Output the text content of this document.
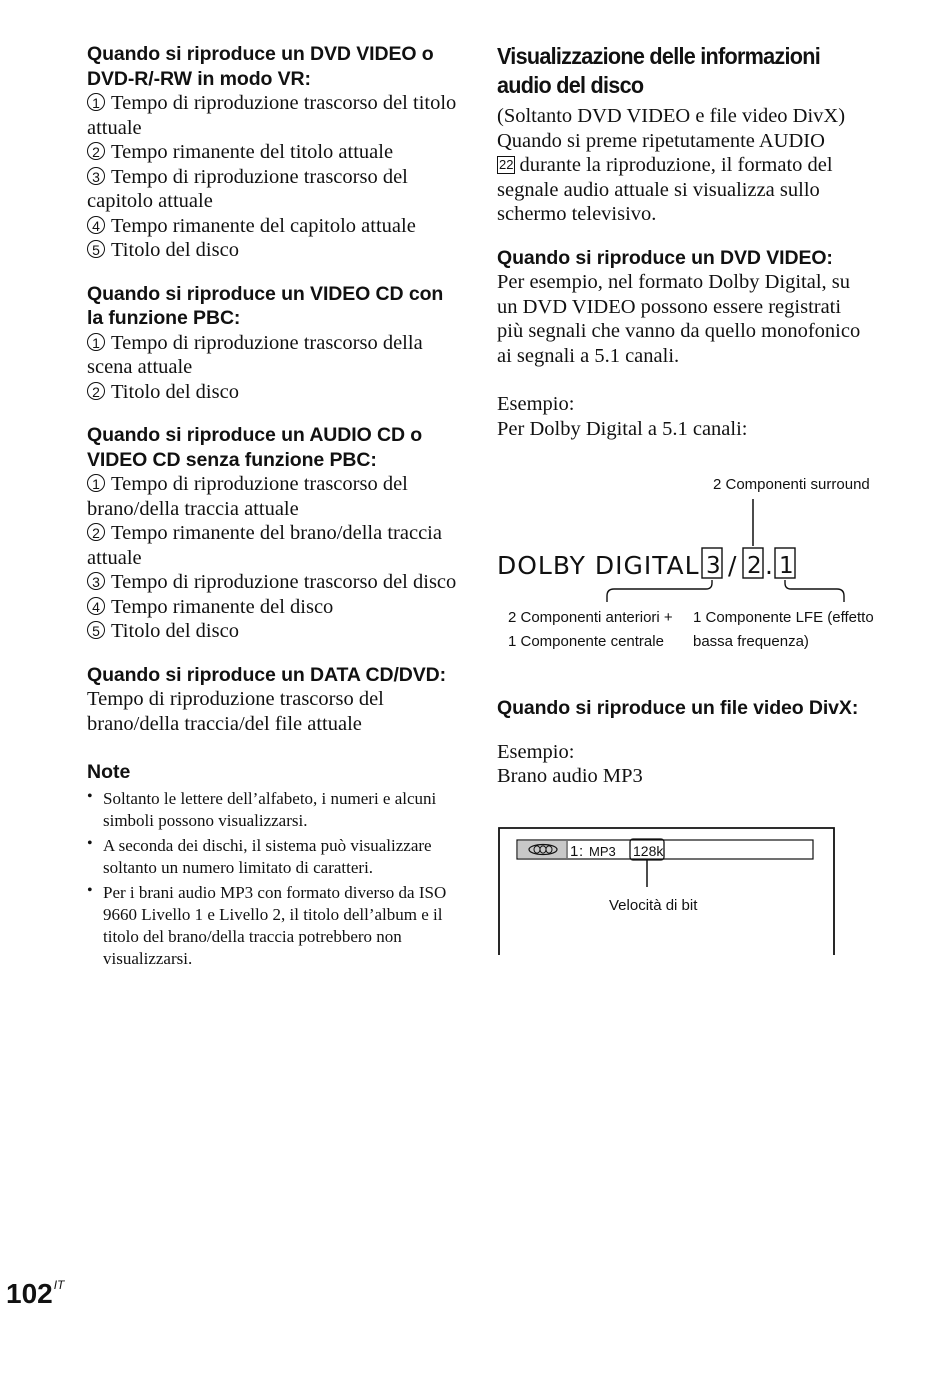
Quando si riproduce un DVD VIDEO o DVD-R/-RW in modo VR:

1 Tempo di riproduzione trascorso del titolo attuale

2 Tempo rimanente del titolo attuale

3 Tempo di riproduzione trascorso del capitolo attuale

4 Tempo rimanente del capitolo attuale

5 Titolo del disco

Quando si riproduce un VIDEO CD con la funzione PBC:

1 Tempo di riproduzione trascorso della scena attuale

2 Titolo del disco

Quando si riproduce un AUDIO CD o VIDEO CD senza funzione PBC:

1 Tempo di riproduzione trascorso del brano/della traccia attuale

2 Tempo rimanente del brano/della traccia attuale

3 Tempo di riproduzione trascorso del disco

4 Tempo rimanente del disco

5 Titolo del disco

Quando si riproduce un DATA CD/DVD:

Tempo di riproduzione trascorso del brano/della traccia/del file attuale

Note

• Soltanto le lettere dell’alfabeto, i numeri e alcuni simboli possono visualizzarsi.
• A seconda dei dischi, il sistema può visualizzare soltanto un numero limitato di caratteri.
• Per i brani audio MP3 con formato diverso da ISO 9660 Livello 1 e Livello 2, il titolo dell’album e il titolo del brano/della traccia potrebbero non visualizzarsi.

Visualizzazione delle informazioni audio del disco

(Soltanto DVD VIDEO e file video DivX) Quando si preme ripetutamente AUDIO
22 durante la riproduzione, il formato del segnale audio attuale si visualizza sullo schermo televisivo.

Quando si riproduce un DVD VIDEO:

Per esempio, nel formato Dolby Digital, su un DVD VIDEO possono essere registrati più segnali che vanno da quello monofonico ai segnali a 5.1 canali.

Esempio:

Per Dolby Digital a 5.1 canali:

2 Componenti surround
DOLBY DIGITAL 3 / 2 . 1
2 Componenti anteriori +
1 Componente centrale
1 Componente LFE (effetto
bassa frequenza)

Quando si riproduce un file video DivX:

Esempio:

Brano audio MP3

1 : MP3 128k
Velocità di bit
$102^{IT}$
